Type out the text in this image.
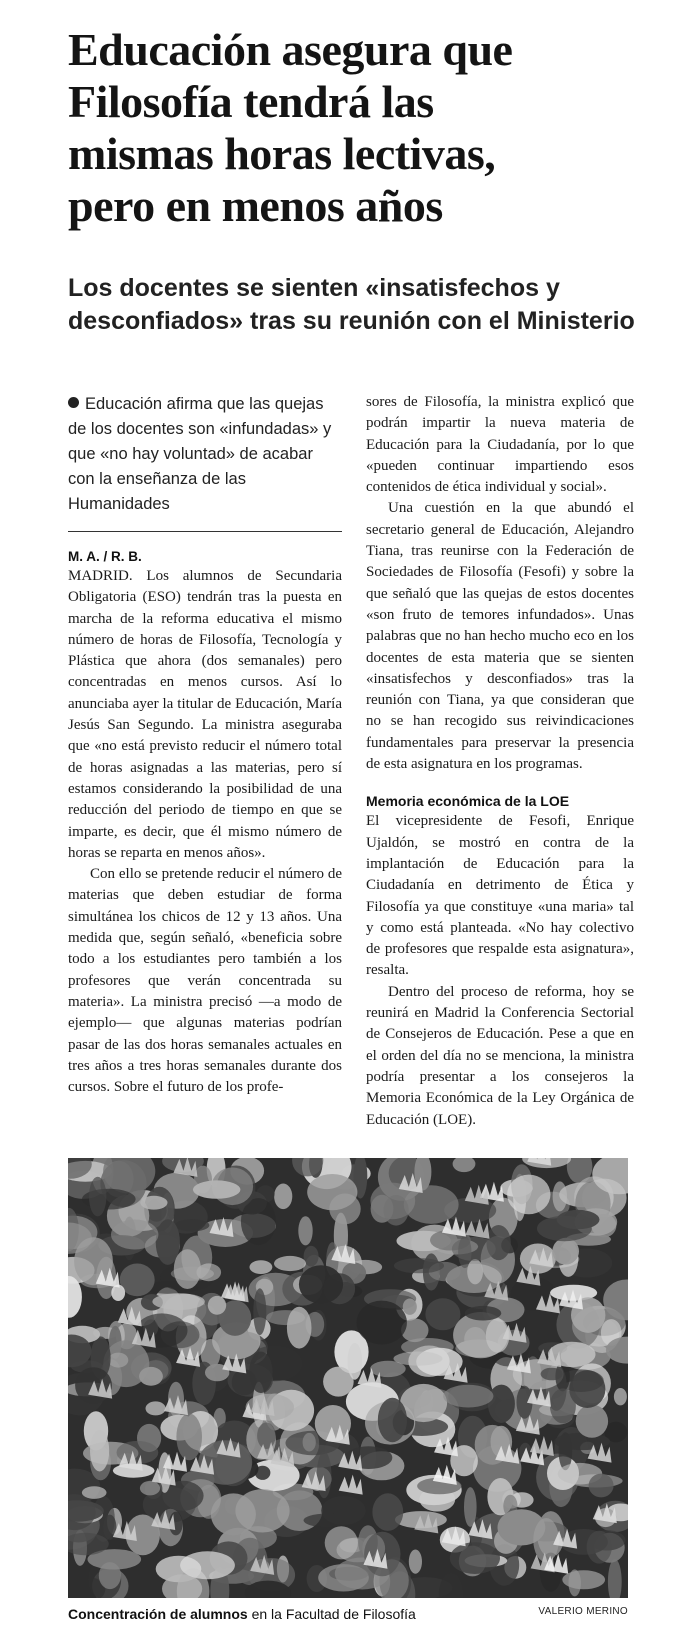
Educación asegura que
Filosofía tendrá las
mismas horas lectivas,
pero en menos años
Los docentes se sienten «insatisfechos y
desconfiados» tras su reunión con el Ministerio
Educación afirma que las quejas de los docentes son «infundadas» y que «no hay voluntad» de acabar con la enseñanza de las Humanidades
M. A. / R. B.

MADRID. Los alumnos de Secundaria Obligatoria (ESO) tendrán tras la puesta en marcha de la reforma educativa el mismo número de horas de Filosofía, Tecnología y Plástica que ahora (dos semanales) pero concentradas en menos cursos. Así lo anunciaba ayer la titular de Educación, María Jesús San Segundo. La ministra aseguraba que «no está previsto reducir el número total de horas asignadas a las materias, pero sí estamos considerando la posibilidad de una reducción del periodo de tiempo en que se imparte, es decir, que él mismo número de horas se reparta en menos años».

Con ello se pretende reducir el número de materias que deben estudiar de forma simultánea los chicos de 12 y 13 años. Una medida que, según señaló, «beneficia sobre todo a los estudiantes pero también a los profesores que verán concentrada su materia». La ministra precisó —a modo de ejemplo— que algunas materias podrían pasar de las dos horas semanales actuales en tres años a tres horas semanales durante dos cursos. Sobre el futuro de los profe-

sores de Filosofía, la ministra explicó que podrán impartir la nueva materia de Educación para la Ciudadanía, por lo que «pueden continuar impartiendo esos contenidos de ética individual y social».

Una cuestión en la que abundó el secretario general de Educación, Alejandro Tiana, tras reunirse con la Federación de Sociedades de Filosofía (Fesofi) y sobre la que señaló que las quejas de estos docentes «son fruto de temores infundados». Unas palabras que no han hecho mucho eco en los docentes de esta materia que se sienten «insatisfechos y desconfiados» tras la reunión con Tiana, ya que consideran que no se han recogido sus reivindicaciones fundamentales para preservar la presencia de esta asignatura en los programas.

Memoria económica de la LOE

El vicepresidente de Fesofi, Enrique Ujaldón, se mostró en contra de la implantación de Educación para la Ciudadanía en detrimento de Ética y Filosofía ya que constituye «una maria» tal y como está planteada. «No hay colectivo de profesores que respalde esta asignatura», resalta.

Dentro del proceso de reforma, hoy se reunirá en Madrid la Conferencia Sectorial de Consejeros de Educación. Pese a que en el orden del día no se menciona, la ministra podría presentar a los consejeros la Memoria Económica de la Ley Orgánica de Educación (LOE).

Concentración de alumnos en la Facultad de Filosofía	VALERIO MERINO
